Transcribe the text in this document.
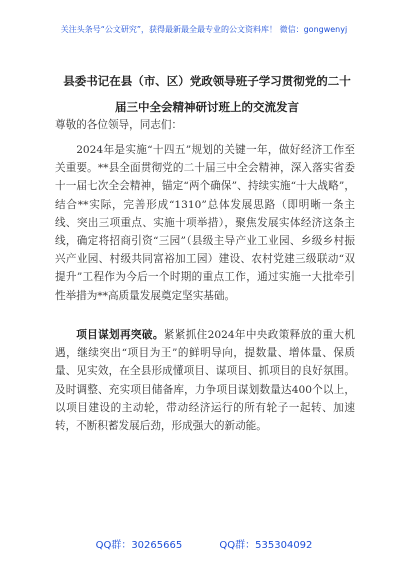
关注头条号“公文研究”，获得最新最全最专业的公文资料库！ 微信：gongwenyj
县委书记在县（市、区）党政领导班子学习贯彻党的二十届三中全会精神研讨班上的交流发言
尊敬的各位领导，同志们：
2024年是实施“十四五”规划的关键一年，做好经济工作至关重要。**县全面贯彻党的二十届三中全会精神，深入落实省委十一届七次全会精神，锚定“两个确保”、持续实施“十大战略”，结合**实际，完善形成“1310”总体发展思路（即明晰一条主线、突出三项重点、实施十项举措），聚焦发展实体经济这条主线，确定将招商引资“三园”（县级主导产业工业园、乡级乡村振兴产业园、村级共同富裕加工园）建设、农村党建三级联动“双提升”工程作为今后一个时期的重点工作，通过实施一大批牵引性举措为**高质量发展奠定坚实基础。
项目谋划再突破。紧紧抓住2024年中央政策释放的重大机遇，继续突出“项目为王”的鲜明导向，提数量、增体量、保质量、见实效，在全县形成懂项目、谋项目、抓项目的良好氛围。及时调整、充实项目储备库，力争项目谋划数量达400个以上，以项目建设的主动轮，带动经济运行的所有轮子一起转、加速转，不断积蓄发展后劲，形成强大的新动能。
QQ群：30265665	QQ群：535304092
